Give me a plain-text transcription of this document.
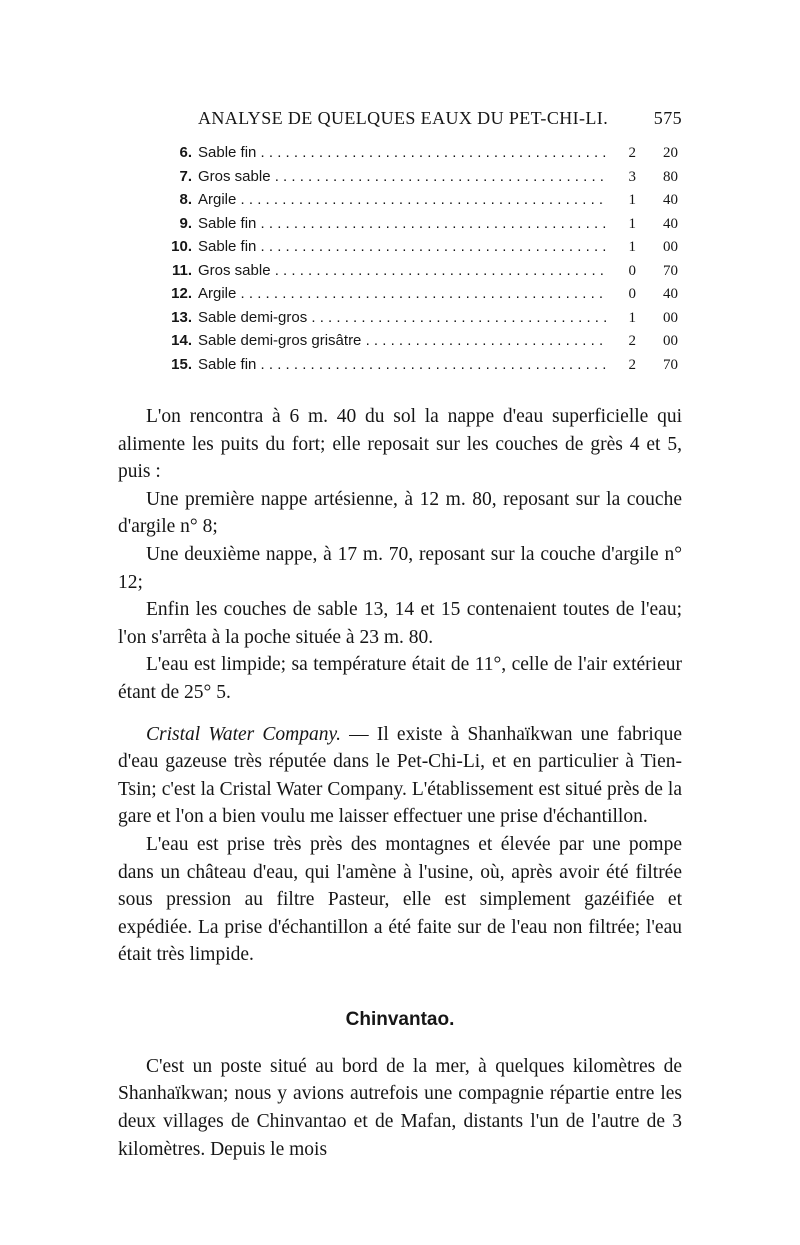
ANALYSE DE QUELQUES EAUX DU PET-CHI-LI.	575
6. Sable fin . . .	2	20
7. Gros sable . . .	3	80
8. Argile . . .	1	40
9. Sable fin . . .	1	40
10. Sable fin . . .	1	00
11. Gros sable . . .	0	70
12. Argile . . .	0	40
13. Sable demi-gros . . .	1	00
14. Sable demi-gros grisâtre . . .	2	00
15. Sable fin . . .	2	70

L'on rencontra à 6 m. 40 du sol la nappe d'eau superficielle qui alimente les puits du fort; elle reposait sur les couches de grès 4 et 5, puis :

Une première nappe artésienne, à 12 m. 80, reposant sur la couche d'argile n° 8;

Une deuxième nappe, à 17 m. 70, reposant sur la couche d'argile n° 12;

Enfin les couches de sable 13, 14 et 15 contenaient toutes de l'eau; l'on s'arrêta à la poche située à 23 m. 80.

L'eau est limpide; sa température était de 11°, celle de l'air extérieur étant de 25° 5.

Cristal Water Company. — Il existe à Shanhaïkwan une fabrique d'eau gazeuse très réputée dans le Pet-Chi-Li, et en particulier à Tien-Tsin; c'est la Cristal Water Company. L'établissement est situé près de la gare et l'on a bien voulu me laisser effectuer une prise d'échantillon.

L'eau est prise très près des montagnes et élevée par une pompe dans un château d'eau, qui l'amène à l'usine, où, après avoir été filtrée sous pression au filtre Pasteur, elle est simplement gazéifiée et expédiée. La prise d'échantillon a été faite sur de l'eau non filtrée; l'eau était très limpide.

Chinvantao.

C'est un poste situé au bord de la mer, à quelques kilomètres de Shanhaïkwan; nous y avions autrefois une compagnie répartie entre les deux villages de Chinvantao et de Mafan, distants l'un de l'autre de 3 kilomètres. Depuis le mois
